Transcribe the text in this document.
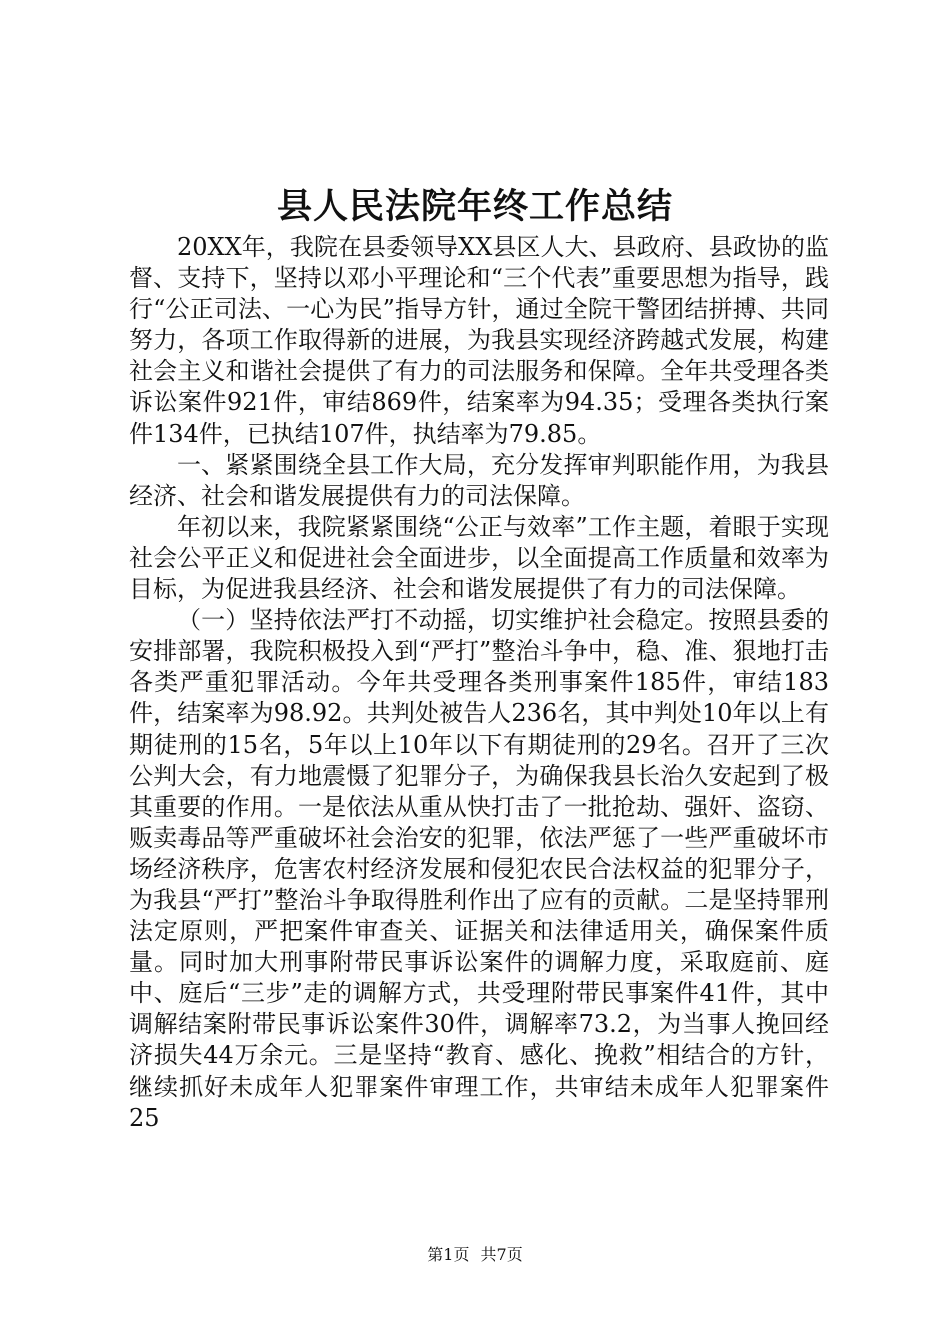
县人民法院年终工作总结

20XX年，我院在县委领导XX县区人大、县政府、县政协的监督、支持下，坚持以邓小平理论和“三个代表”重要思想为指导，践行“公正司法、一心为民”指导方针，通过全院干警团结拼搏、共同努力，各项工作取得新的进展，为我县实现经济跨越式发展，构建社会主义和谐社会提供了有力的司法服务和保障。全年共受理各类诉讼案件921件，审结869件，结案率为94.35；受理各类执行案件134件，已执结107件，执结率为79.85。

一、紧紧围绕全县工作大局，充分发挥审判职能作用，为我县经济、社会和谐发展提供有力的司法保障。

年初以来，我院紧紧围绕“公正与效率”工作主题，着眼于实现社会公平正义和促进社会全面进步，以全面提高工作质量和效率为目标，为促进我县经济、社会和谐发展提供了有力的司法保障。

（一）坚持依法严打不动摇，切实维护社会稳定。按照县委的安排部署，我院积极投入到“严打”整治斗争中，稳、准、狠地打击各类严重犯罪活动。今年共受理各类刑事案件185件，审结183件，结案率为98.92。共判处被告人236名，其中判处10年以上有期徒刑的15名，5年以上10年以下有期徒刑的29名。召开了三次公判大会，有力地震慑了犯罪分子，为确保我县长治久安起到了极其重要的作用。一是依法从重从快打击了一批抢劫、强奸、盗窃、贩卖毒品等严重破坏社会治安的犯罪，依法严惩了一些严重破坏市场经济秩序，危害农村经济发展和侵犯农民合法权益的犯罪分子，为我县“严打”整治斗争取得胜利作出了应有的贡献。二是坚持罪刑法定原则，严把案件审查关、证据关和法律适用关，确保案件质量。同时加大刑事附带民事诉讼案件的调解力度，采取庭前、庭中、庭后“三步”走的调解方式，共受理附带民事案件41件，其中调解结案附带民事诉讼案件30件，调解率73.2，为当事人挽回经济损失44万余元。三是坚持“教育、感化、挽救”相结合的方针，继续抓好未成年人犯罪案件审理工作，共审结未成年人犯罪案件25

第1页 共7页
